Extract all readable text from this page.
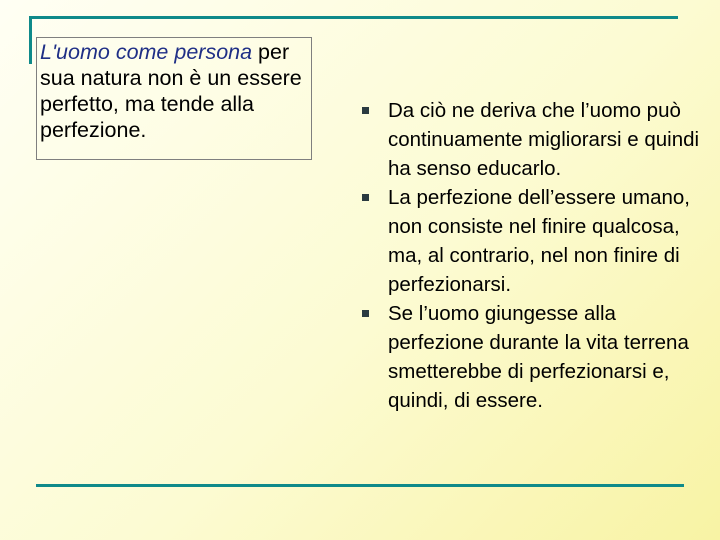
L'uomo come persona per sua natura non è un essere perfetto, ma tende alla perfezione.

Da ciò ne deriva che l’uomo può continuamente migliorarsi e quindi ha senso educarlo.
La perfezione dell’essere umano, non consiste nel finire qualcosa, ma, al contrario, nel non finire di perfezionarsi.
Se l’uomo giungesse alla perfezione durante la vita terrena smetterebbe di perfezionarsi e, quindi, di essere.
